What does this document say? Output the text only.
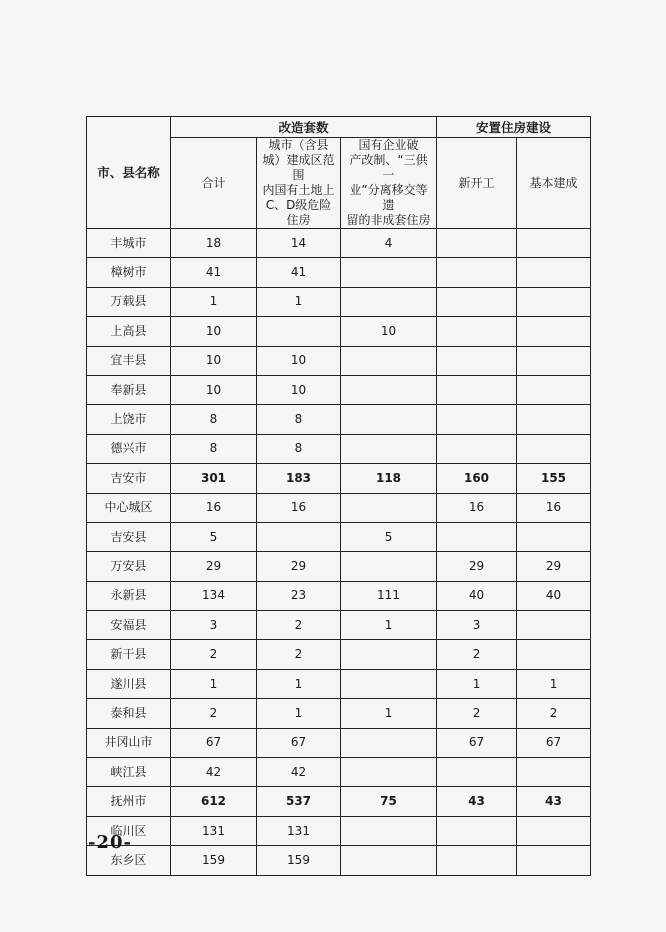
市、县名称	改造套数			安置住房建设	
	合计	城市（含县
城）建成区范围
内国有土地上
C、D级危险住房	国有企业破
产改制、“三供一
业”分离移交等遗
留的非成套住房	新开工	基本建成
丰城市	18	14	4		
樟树市	41	41			
万载县	1	1			
上高县	10		10		
宜丰县	10	10			
奉新县	10	10			
上饶市	8	8			
德兴市	8	8			
吉安市	301	183	118	160	155
中心城区	16	16		16	16
吉安县	5		5		
万安县	29	29		29	29
永新县	134	23	111	40	40
安福县	3	2	1	3	
新干县	2	2		2	
遂川县	1	1		1	1
泰和县	2	1	1	2	2
井冈山市	67	67		67	67
峡江县	42	42			
抚州市	612	537	75	43	43
临川区	131	131			
东乡区	159	159			
-20-
